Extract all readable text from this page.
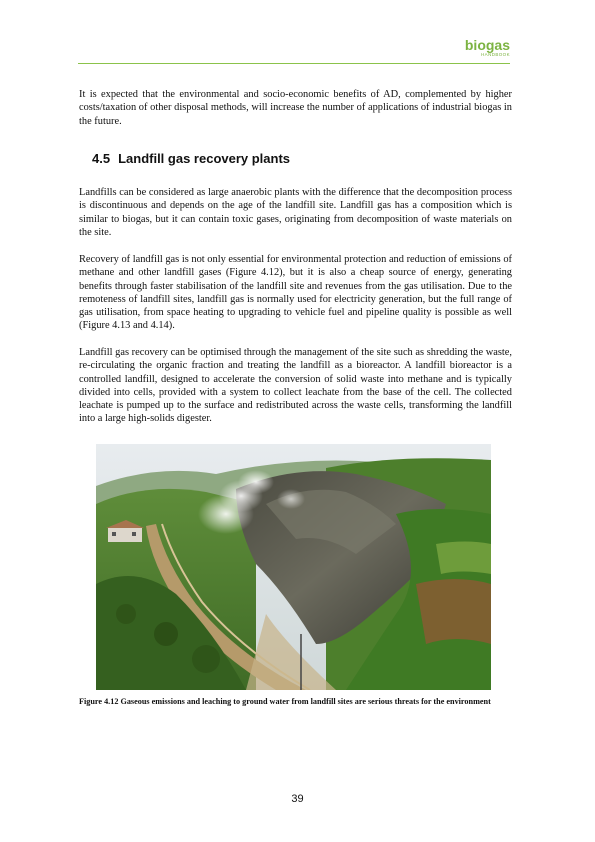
biogas
HANDBOOK

It is expected that the environmental and socio-economic benefits of AD, complemented by higher costs/taxation of other disposal methods, will increase the number of applications of industrial biogas in the future.

4.5 Landfill gas recovery plants

Landfills can be considered as large anaerobic plants with the difference that the decomposition process is discontinuous and depends on the age of the landfill site. Landfill gas has a composition which is similar to biogas, but it can contain toxic gases, originating from decomposition of waste materials on the site.

Recovery of landfill gas is not only essential for environmental protection and reduction of emissions of methane and other landfill gases (Figure 4.12), but it is also a cheap source of energy, generating benefits through faster stabilisation of the landfill site and revenues from the gas utilisation. Due to the remoteness of landfill sites, landfill gas is normally used for electricity generation, but the full range of gas utilisation, from space heating to upgrading to vehicle fuel and pipeline quality is possible as well (Figure 4.13 and 4.14).

Landfill gas recovery can be optimised through the management of the site such as shredding the waste, re-circulating the organic fraction and treating the landfill as a bioreactor. A landfill bioreactor is a controlled landfill, designed to accelerate the conversion of solid waste into methane and is typically divided into cells, provided with a system to collect leachate from the base of the cell. The collected leachate is pumped up to the surface and redistributed across the waste cells, transforming the landfill into a large high-solids digester.

Figure 4.12 Gaseous emissions and leaching to ground water from landfill sites are serious threats for the environment

39
